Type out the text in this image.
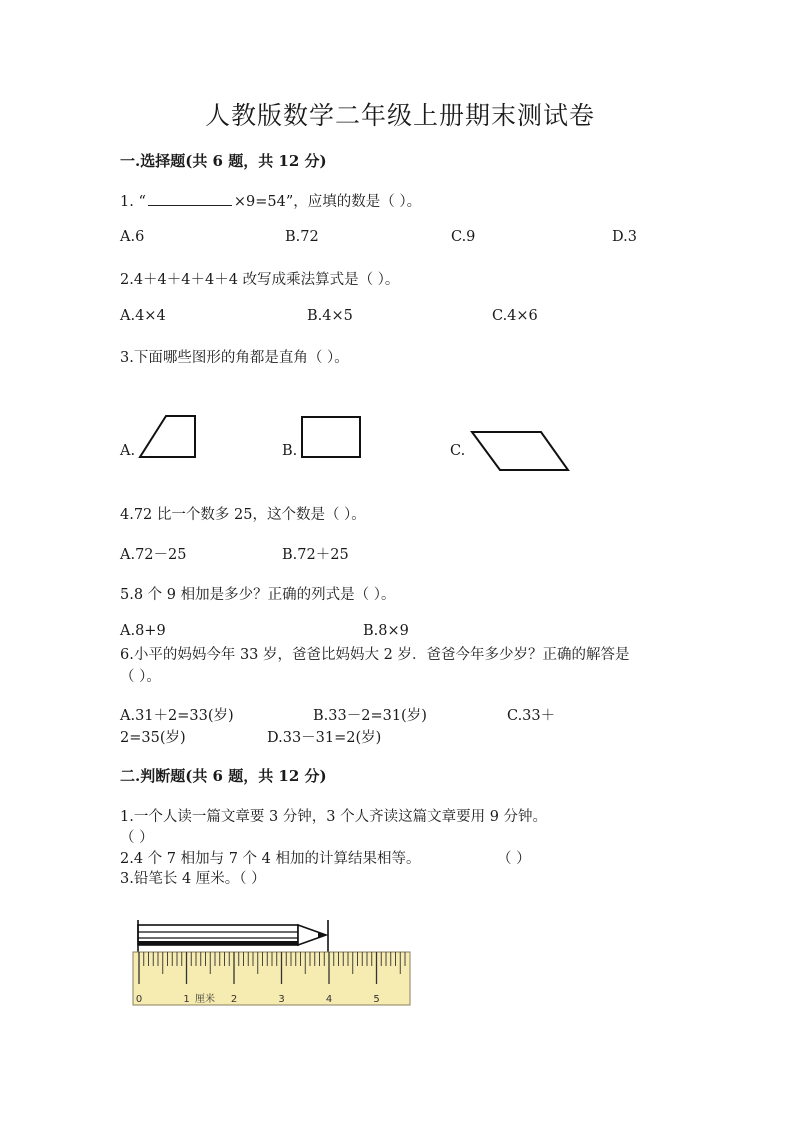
人教版数学二年级上册期末测试卷
一.选择题(共 6 题，共 12 分)
1. “	×9=54”，应填的数是（ ）。
A.6	B.72	C.9	D.3
2.4＋4＋4＋4＋4 改写成乘法算式是（ ）。
A.4×4	B.4×5	C.4×6
3.下面哪些图形的角都是直角（ ）。
A.	B.	C.
4.72 比一个数多 25，这个数是（ ）。
A.72－25	B.72＋25
5.8 个 9 相加是多少？正确的列式是（ ）。
A.8+9	B.8×9
6.小平的妈妈今年 33 岁，爸爸比妈妈大 2 岁．爸爸今年多少岁？正确的解答是
（ ）。
A.31＋2=33(岁)	B.33－2=31(岁)	C.33＋
2=35(岁)	D.33－31=2(岁)
二.判断题(共 6 题，共 12 分)
1.一个人读一篇文章要 3 分钟，3 个人齐读这篇文章要用 9 分钟。
（ ）
2.4 个 7 相加与 7 个 4 相加的计算结果相等。	（ ）
3.铅笔长 4 厘米。（ ）
0	1	2	3	4	5
厘米
